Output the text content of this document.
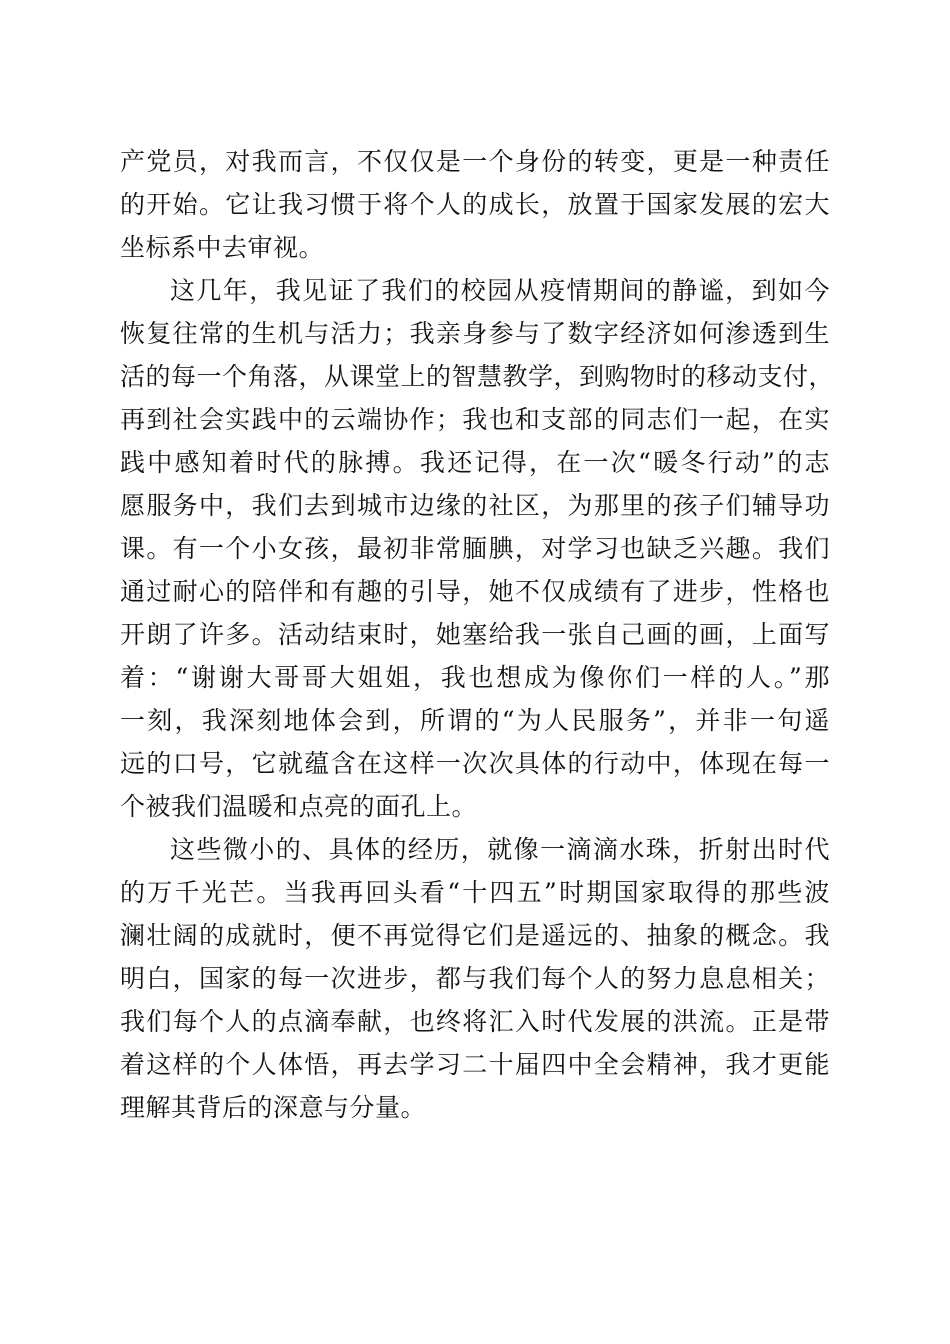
产党员，对我而言，不仅仅是一个身份的转变，更是一种责任
的开始。它让我习惯于将个人的成长，放置于国家发展的宏大
坐标系中去审视。
这几年，我见证了我们的校园从疫情期间的静谧，到如今
恢复往常的生机与活力；我亲身参与了数字经济如何渗透到生
活的每一个角落，从课堂上的智慧教学，到购物时的移动支付，
再到社会实践中的云端协作；我也和支部的同志们一起，在实
践中感知着时代的脉搏。我还记得，在一次“暖冬行动”的志
愿服务中，我们去到城市边缘的社区，为那里的孩子们辅导功
课。有一个小女孩，最初非常腼腆，对学习也缺乏兴趣。我们
通过耐心的陪伴和有趣的引导，她不仅成绩有了进步，性格也
开朗了许多。活动结束时，她塞给我一张自己画的画，上面写
着：“谢谢大哥哥大姐姐，我也想成为像你们一样的人。”那
一刻，我深刻地体会到，所谓的“为人民服务”，并非一句遥
远的口号，它就蕴含在这样一次次具体的行动中，体现在每一
个被我们温暖和点亮的面孔上。
这些微小的、具体的经历，就像一滴滴水珠，折射出时代
的万千光芒。当我再回头看“十四五”时期国家取得的那些波
澜壮阔的成就时，便不再觉得它们是遥远的、抽象的概念。我
明白，国家的每一次进步，都与我们每个人的努力息息相关；
我们每个人的点滴奉献，也终将汇入时代发展的洪流。正是带
着这样的个人体悟，再去学习二十届四中全会精神，我才更能
理解其背后的深意与分量。
